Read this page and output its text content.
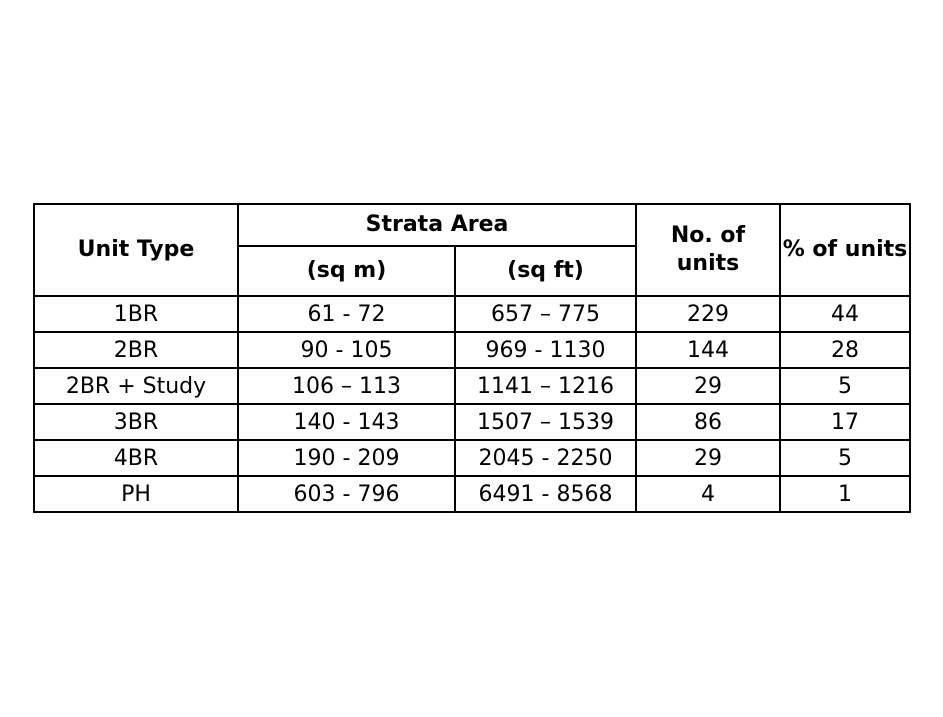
Unit Type	Strata Area		No. of units	% of units
	(sq m)	(sq ft)		
1BR	61 - 72	657 – 775	229	44
2BR	90 - 105	969 - 1130	144	28
2BR + Study	106 – 113	1141 – 1216	29	5
3BR	140 - 143	1507 – 1539	86	17
4BR	190 - 209	2045 - 2250	29	5
PH	603 - 796	6491 - 8568	4	1
